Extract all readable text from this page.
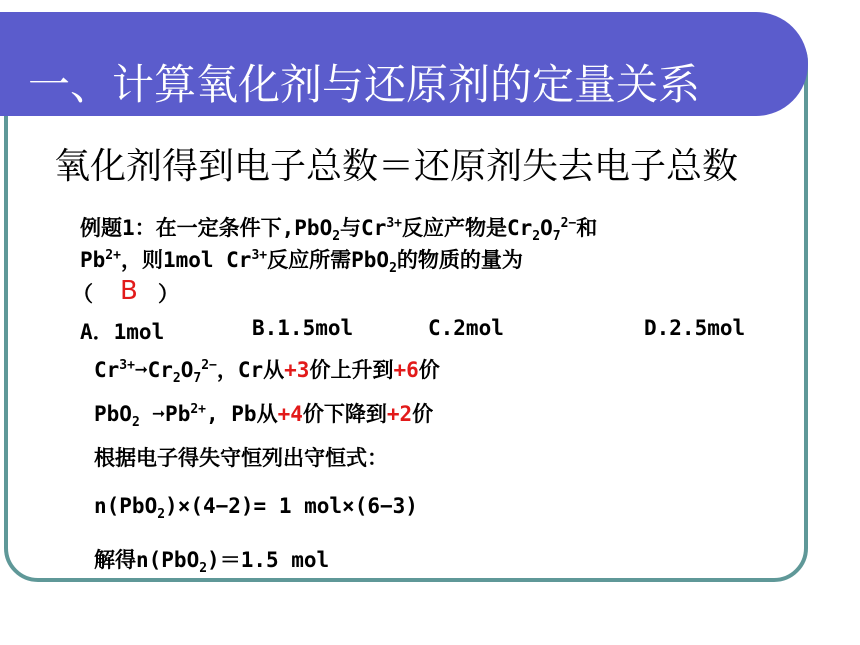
一、计算氧化剂与还原剂的定量关系
氧化剂得到电子总数＝还原剂失去电子总数
例题1：在一定条件下,PbO$_2$与$Cr^{3+}$反应产物是$Cr_2O_7^{2-}$和
$Pb^{2+}$，则1mol $Cr^{3+}$反应所需PbO$_2$的物质的量为
（ B ）
A．1mol	B.1.5mol	C.2mol	D.2.5mol
$Cr^{3+}➞Cr_2O_7^{2-}$，Cr从+3价上升到+6价
PbO$_2$ $➞Pb^{2+}$, Pb从+4价下降到+2价
根据电子得失守恒列出守恒式：
n(PbO$_2$)×(4−2)= 1 mol×(6−3)
解得n(PbO$_2$)＝1.5 mol
